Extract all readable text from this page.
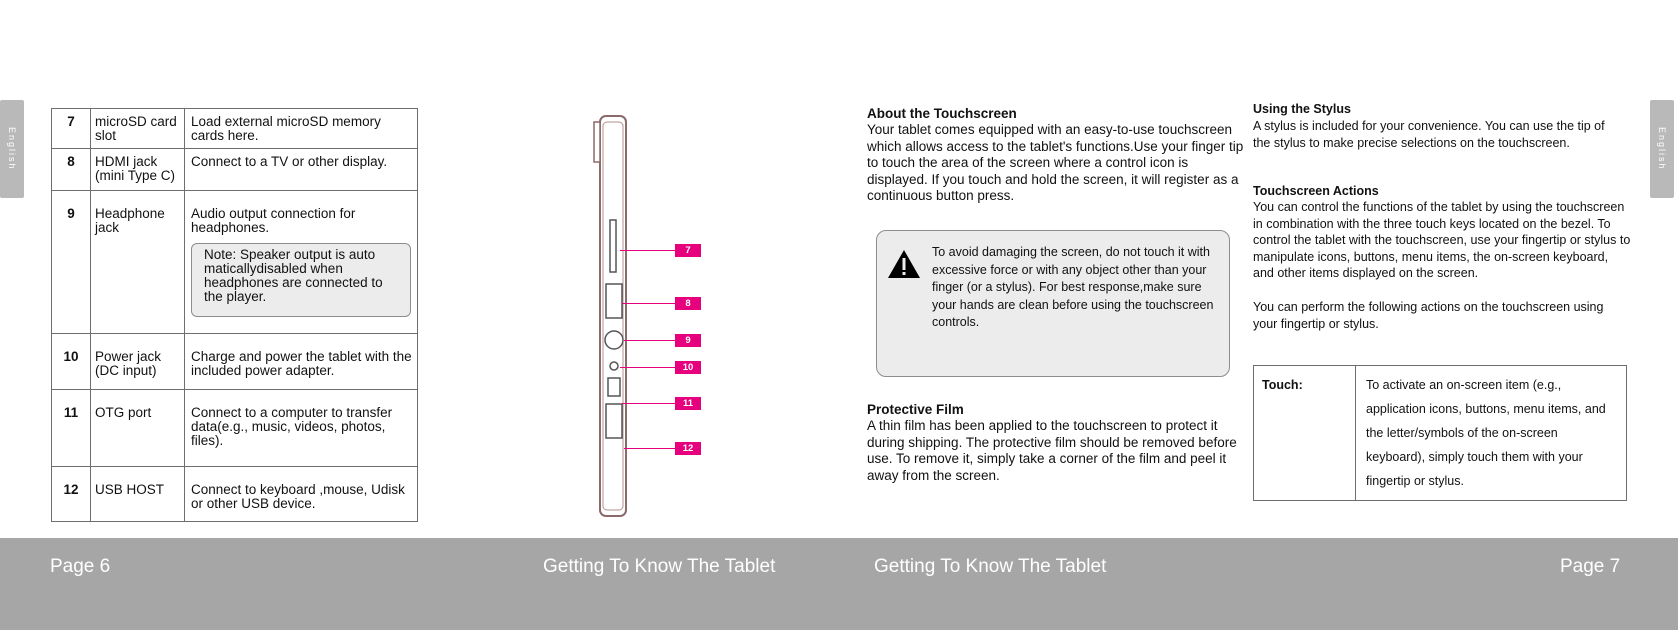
English	English
7	microSD card slot	Load external microSD memory cards here.
8	HDMI jack (mini Type C)	Connect to a TV or other display.
9	Headphone jack	Audio output connection for headphones.
Note: Speaker output is auto maticallydisabled when headphones are connected to the player.

10	Power jack (DC input)	Charge and power the tablet with the included power adapter.
11	OTG port	Connect to a computer to transfer data(e.g., music, videos, photos, files).
12	USB HOST	Connect to keyboard ,mouse, Udisk or other USB device.
7
8
9
10
11
12
About the Touchscreen
Your tablet comes equipped with an easy-to-use touchscreen which allows access to the tablet's functions.Use your finger tip to touch the area of the screen where a control icon is displayed. If you touch and hold the screen, it will register as a continuous button press.
To avoid damaging the screen, do not touch it with excessive force or with any object other than your finger (or a stylus). For best response,make sure your hands are clean before using the touchscreen controls.
Protective Film
A thin film has been applied to the touchscreen to protect it during shipping. The protective film should be removed before use. To remove it, simply take a corner of the film and peel it away from the screen.
Using the Stylus
A stylus is included for your convenience. You can use the tip of the stylus to make precise selections on the touchscreen.
Touchscreen Actions
You can control the functions of the tablet by using the touchscreen in combination with the three touch keys located on the bezel. To control the tablet with the touchscreen, use your fingertip or stylus to manipulate icons, buttons, menu items, the on-screen keyboard, and other items displayed on the screen.
You can perform the following actions on the touchscreen using your fingertip or stylus.
Touch:	To activate an on-screen item (e.g., application icons, buttons, menu items, and the letter/symbols of the on-screen keyboard), simply touch them with your fingertip or stylus.
Page 6	Getting To Know The Tablet	Getting To Know The Tablet	Page 7
